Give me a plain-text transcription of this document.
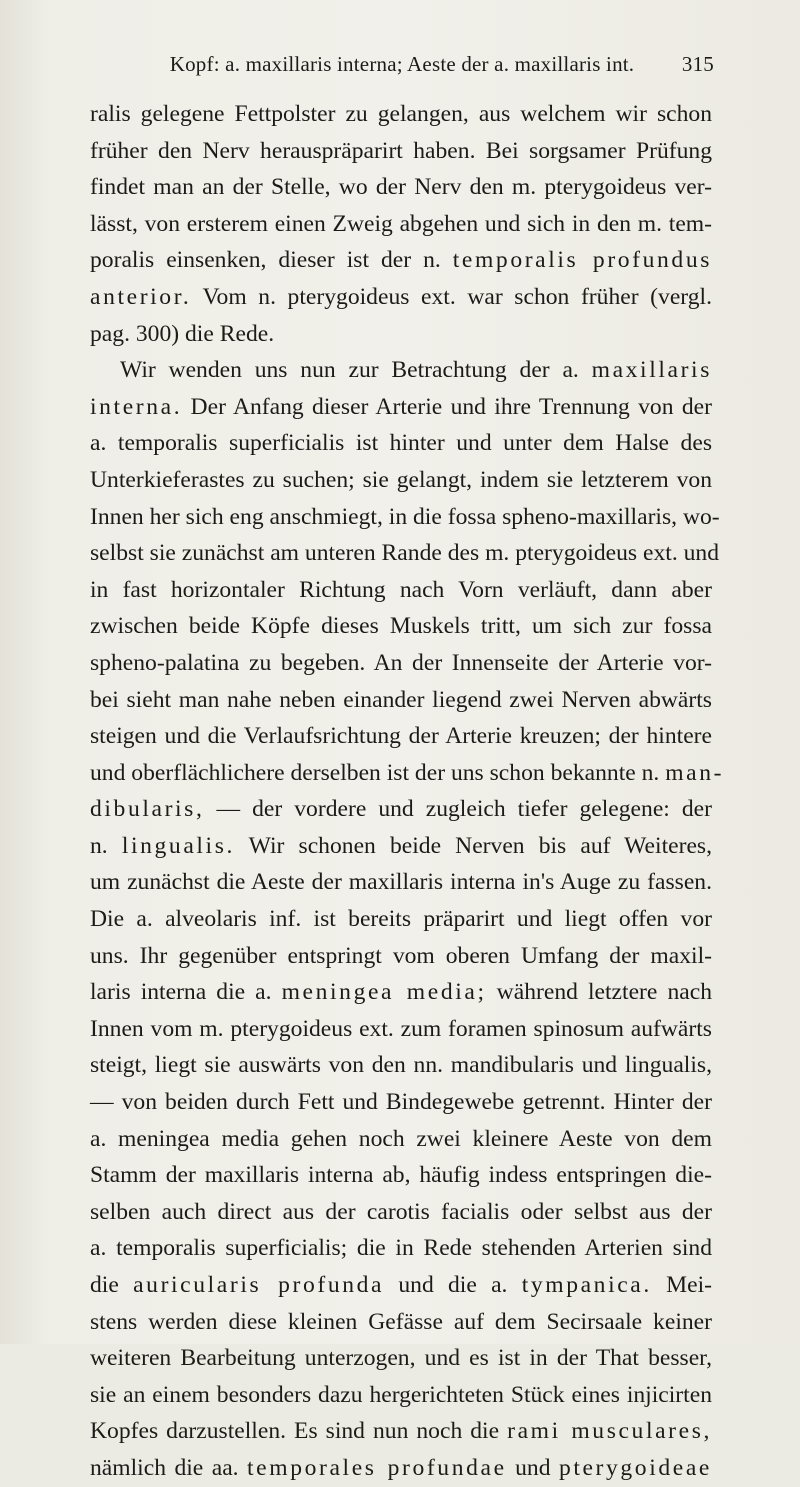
Kopf: a. maxillaris interna; Aeste der a. maxillaris int. 315
ralis gelegene Fettpolster zu gelangen, aus welchem wir schon
früher den Nerv herauspräparirt haben. Bei sorgsamer Prüfung
findet man an der Stelle, wo der Nerv den m. pterygoideus ver-
lässt, von ersterem einen Zweig abgehen und sich in den m. tem-
poralis einsenken, dieser ist der n. temporalis profundus
anterior. Vom n. pterygoideus ext. war schon früher (vergl.
pag. 300) die Rede.
Wir wenden uns nun zur Betrachtung der a. maxillaris
interna. Der Anfang dieser Arterie und ihre Trennung von der
a. temporalis superficialis ist hinter und unter dem Halse des
Unterkieferastes zu suchen; sie gelangt, indem sie letzterem von
Innen her sich eng anschmiegt, in die fossa spheno-maxillaris, wo-
selbst sie zunächst am unteren Rande des m. pterygoideus ext. und
in fast horizontaler Richtung nach Vorn verläuft, dann aber
zwischen beide Köpfe dieses Muskels tritt, um sich zur fossa
spheno-palatina zu begeben. An der Innenseite der Arterie vor-
bei sieht man nahe neben einander liegend zwei Nerven abwärts
steigen und die Verlaufsrichtung der Arterie kreuzen; der hintere
und oberflächlichere derselben ist der uns schon bekannte n. man-
dibularis, — der vordere und zugleich tiefer gelegene: der
n. lingualis. Wir schonen beide Nerven bis auf Weiteres,
um zunächst die Aeste der maxillaris interna in's Auge zu fassen.
Die a. alveolaris inf. ist bereits präparirt und liegt offen vor
uns. Ihr gegenüber entspringt vom oberen Umfang der maxil-
laris interna die a. meningea media; während letztere nach
Innen vom m. pterygoideus ext. zum foramen spinosum aufwärts
steigt, liegt sie auswärts von den nn. mandibularis und lingualis,
— von beiden durch Fett und Bindegewebe getrennt. Hinter der
a. meningea media gehen noch zwei kleinere Aeste von dem
Stamm der maxillaris interna ab, häufig indess entspringen die-
selben auch direct aus der carotis facialis oder selbst aus der
a. temporalis superficialis; die in Rede stehenden Arterien sind
die auricularis profunda und die a. tympanica. Mei-
stens werden diese kleinen Gefässe auf dem Secirsaale keiner
weiteren Bearbeitung unterzogen, und es ist in der That besser,
sie an einem besonders dazu hergerichteten Stück eines injicirten
Kopfes darzustellen. Es sind nun noch die rami musculares,
nämlich die aa. temporales profundae und pterygoideae
